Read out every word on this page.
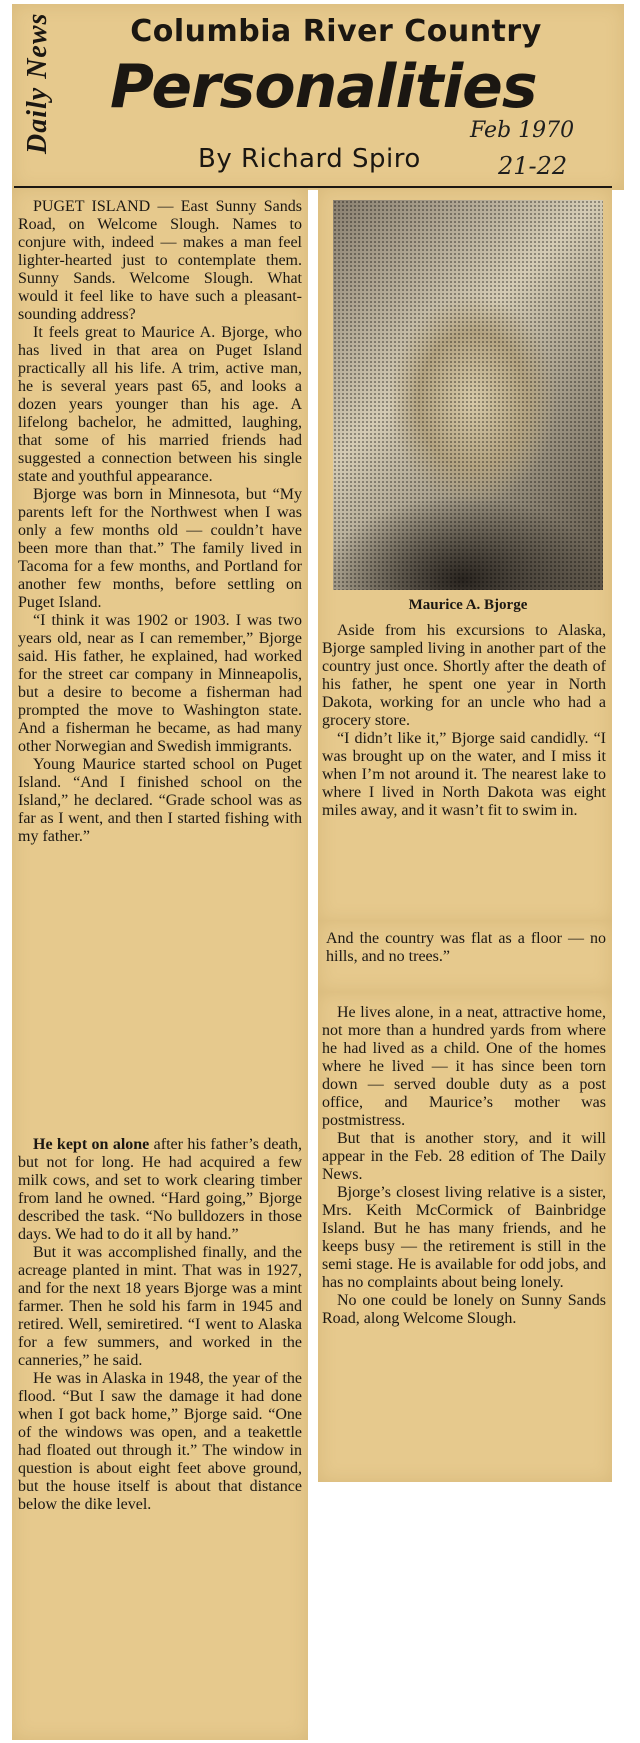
Daily News	Columbia River Country
Personalities
By Richard Spiro
Feb 1970
21-22
Maurice A. Bjorge

PUGET ISLAND — East Sunny Sands Road, on Welcome Slough. Names to conjure with, indeed — makes a man feel lighter-hearted just to contemplate them. Sunny Sands. Welcome Slough. What would it feel like to have such a pleasant-sounding address?

It feels great to Maurice A. Bjorge, who has lived in that area on Puget Island practically all his life. A trim, active man, he is several years past 65, and looks a dozen years younger than his age. A lifelong bachelor, he admitted, laughing, that some of his married friends had suggested a connection between his single state and youthful appearance.

Bjorge was born in Minnesota, but “My parents left for the Northwest when I was only a few months old — couldn’t have been more than that.” The family lived in Tacoma for a few months, and Portland for another few months, before settling on Puget Island.

“I think it was 1902 or 1903. I was two years old, near as I can remember,” Bjorge said. His father, he explained, had worked for the street car company in Minneapolis, but a desire to become a fisherman had prompted the move to Washington state. And a fisherman he became, as had many other Norwegian and Swedish immigrants.

Young Maurice started school on Puget Island. “And I finished school on the Island,” he declared. “Grade school was as far as I went, and then I started fishing with my father.”

He kept on alone after his father’s death, but not for long. He had acquired a few milk cows, and set to work clearing timber from land he owned. “Hard going,” Bjorge described the task. “No bulldozers in those days. We had to do it all by hand.”

But it was accomplished finally, and the acreage planted in mint. That was in 1927, and for the next 18 years Bjorge was a mint farmer. Then he sold his farm in 1945 and retired. Well, semiretired. “I went to Alaska for a few summers, and worked in the canneries,” he said.

He was in Alaska in 1948, the year of the flood. “But I saw the damage it had done when I got back home,” Bjorge said. “One of the windows was open, and a teakettle had floated out through it.” The window in question is about eight feet above ground, but the house itself is about that distance below the dike level.

Aside from his excursions to Alaska, Bjorge sampled living in another part of the country just once. Shortly after the death of his father, he spent one year in North Dakota, working for an uncle who had a grocery store.

“I didn’t like it,” Bjorge said candidly. “I was brought up on the water, and I miss it when I’m not around it. The nearest lake to where I lived in North Dakota was eight miles away, and it wasn’t fit to swim in.

And the country was flat as a floor — no hills, and no trees.”

He lives alone, in a neat, attractive home, not more than a hundred yards from where he had lived as a child. One of the homes where he lived — it has since been torn down — served double duty as a post office, and Maurice’s mother was postmistress.

But that is another story, and it will appear in the Feb. 28 edition of The Daily News.

Bjorge’s closest living relative is a sister, Mrs. Keith McCormick of Bainbridge Island. But he has many friends, and he keeps busy — the retirement is still in the semi stage. He is available for odd jobs, and has no complaints about being lonely.

No one could be lonely on Sunny Sands Road, along Welcome Slough.
